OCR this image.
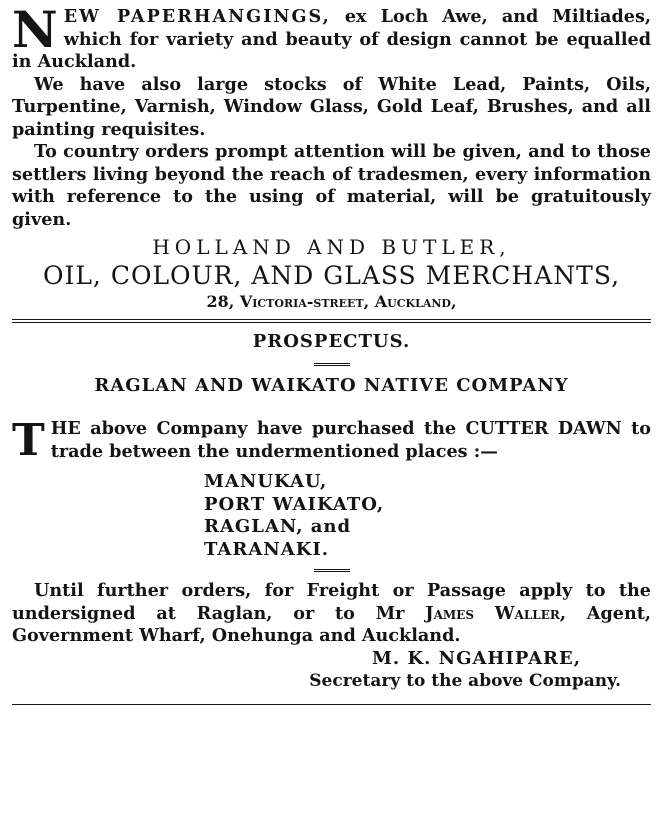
NEW PAPERHANGINGS, ex Loch Awe, and Miltiades, which for variety and beauty of design cannot be equalled in Auckland.

We have also large stocks of White Lead, Paints, Oils, Turpentine, Varnish, Window Glass, Gold Leaf, Brushes, and all painting requisites.

To country orders prompt attention will be given, and to those settlers living beyond the reach of tradesmen, every information with reference to the using of material, will be gratuitously given.

HOLLAND AND BUTLER,
OIL, COLOUR, AND GLASS MERCHANTS,
28, Victoria-street, Auckland,
PROSPECTUS.
RAGLAN AND WAIKATO NATIVE COMPANY
THE above Company have purchased the CUTTER DAWN to trade between the undermentioned places :—
MANUKAU,
PORT WAIKATO,
RAGLAN, and
TARANAKI.

Until further orders, for Freight or Passage apply to the undersigned at Raglan, or to Mr James Waller, Agent, Government Wharf, Onehunga and Auckland.

M. K. NGAHIPARE,
Secretary to the above Company.
